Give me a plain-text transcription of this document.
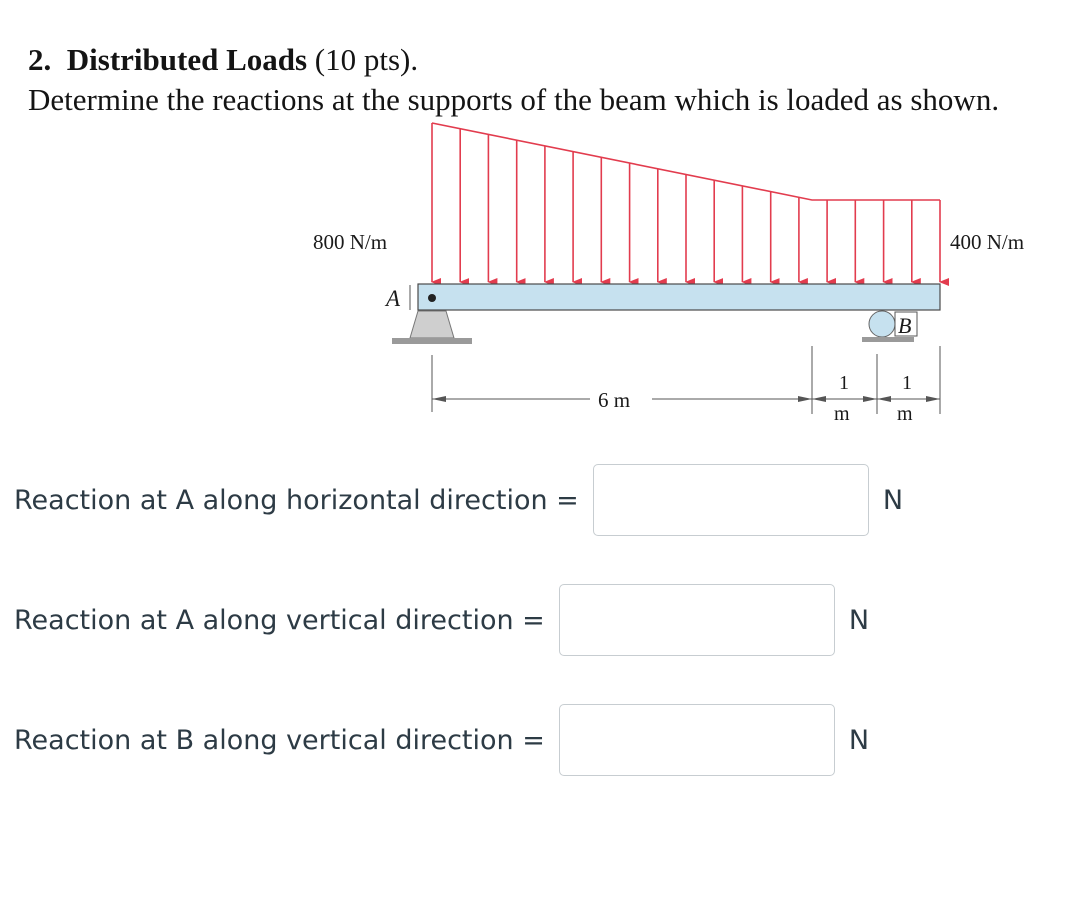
2. Distributed Loads (10 pts).
Determine the reactions at the supports of the beam which is loaded as shown.
800 N/m	400 N/m
A
B
6 m
1
m
1
m
Reaction at A along horizontal direction =	N
Reaction at A along vertical direction =	N
Reaction at B along vertical direction =	N
